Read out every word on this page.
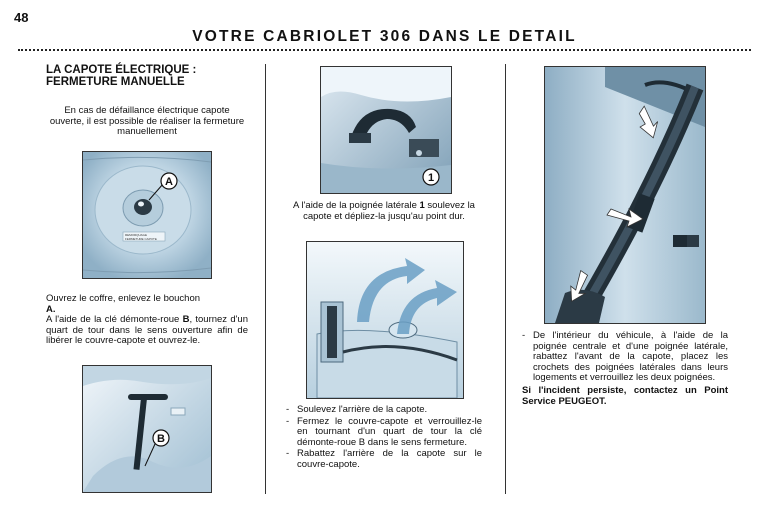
48
VOTRE CABRIOLET 306 DANS LE DETAIL
LA CAPOTE ÉLECTRIQUE :
FERMETURE MANUELLE
En cas de défaillance électrique capote ouverte, il est possible de réaliser la fermeture manuellement
A
REMORQUAGE
FERMETURE CAPOTE
Ouvrez le coffre, enlevez le bouchon
A.
A l'aide de la clé démonte-roue B, tournez d'un quart de tour dans le sens ouverture afin de libérer le couvre-capote et ouvrez-le.
B
1
A l'aide de la poignée latérale 1 soulevez la capote et dépliez-la jusqu'au point dur.
- Soulevez l'arrière de la capote.
- Fermez le couvre-capote et verrouillez-le en tournant d'un quart de tour la clé démonte-roue B dans le sens fermeture.
- Rabattez l'arrière de la capote sur le couvre-capote.
- De l'intérieur du véhicule, à l'aide de la poignée centrale et d'une poignée latérale, rabattez l'avant de la capote, placez les crochets des poignées latérales dans leurs logements et verrouillez les deux poignées.
Si l'incident persiste, contactez un Point Service PEUGEOT.
